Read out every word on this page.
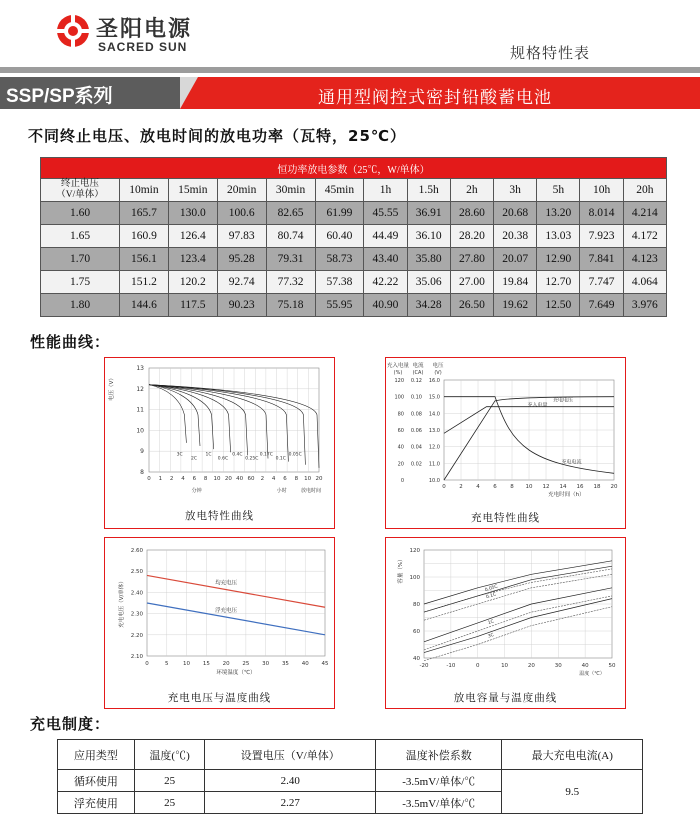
圣阳电源
SACRED SUN	规格特性表
SSP/SP系列	通用型阀控式密封铅酸蓄电池
不同终止电压、放电时间的放电功率（瓦特，25℃）
恒功率放电参数（25℃，W/单体）												

终止电压
（V/单体）	10min	15min	20min	30min	45min	1h	1.5h	2h	3h	5h	10h	20h
1.60	165.7	130.0	100.6	82.65	61.99	45.55	36.91	28.60	20.68	13.20	8.014	4.214
1.65	160.9	126.4	97.83	80.74	60.40	44.49	36.10	28.20	20.38	13.03	7.923	4.172
1.70	156.1	123.4	95.28	79.31	58.73	43.40	35.80	27.80	20.07	12.90	7.841	4.123
1.75	151.2	120.2	92.74	77.32	57.38	42.22	35.06	27.00	19.84	12.70	7.747	4.064
1.80	144.6	117.5	90.23	75.18	55.95	40.90	34.28	26.50	19.62	12.50	7.649	3.976
性能曲线：
8
9
10
11
12
13
电压（V）
0 1 2 4 6 8 10 20 40 60 2 4 6 8 10 20
分钟	小时	放电时间
3C
2C
1C
0.6C
0.4C
0.25C
0.17C
0.1C
0.05C
放电特性曲线
充入电量 电流 电压
(%) (CA) (V)
0
20
40
60
80
100
120
0.02
0.04
0.06
0.08
0.10
0.12
10.0
11.0
12.0
13.0
14.0
15.0
16.0
0 2 4 6 8 10 12 14 16 18 20
充电时间（h）
充电电压
充入电量
充电电流
充电特性曲线
2.10
2.20
2.30
2.40
2.50
2.60
0	5	10 15 20 25 30 35 40 45
环境温度（℃）
充电电压（V/单体）	均充电压
浮充电压
充电电压与温度曲线
40
60
80
100
120
-20	-10	0	10	20	30	40	50
温度（℃）
容量（%）
0.05C
0.1C
1C
3C
放电容量与温度曲线
充电制度：
应用类型	温度(℃)	设置电压（V/单体）	温度补偿系数	最大充电电流(A)
循环使用	25	2.40	-3.5mV/单体/℃	9.5
浮充使用	25	2.27	-3.5mV/单体/℃	
